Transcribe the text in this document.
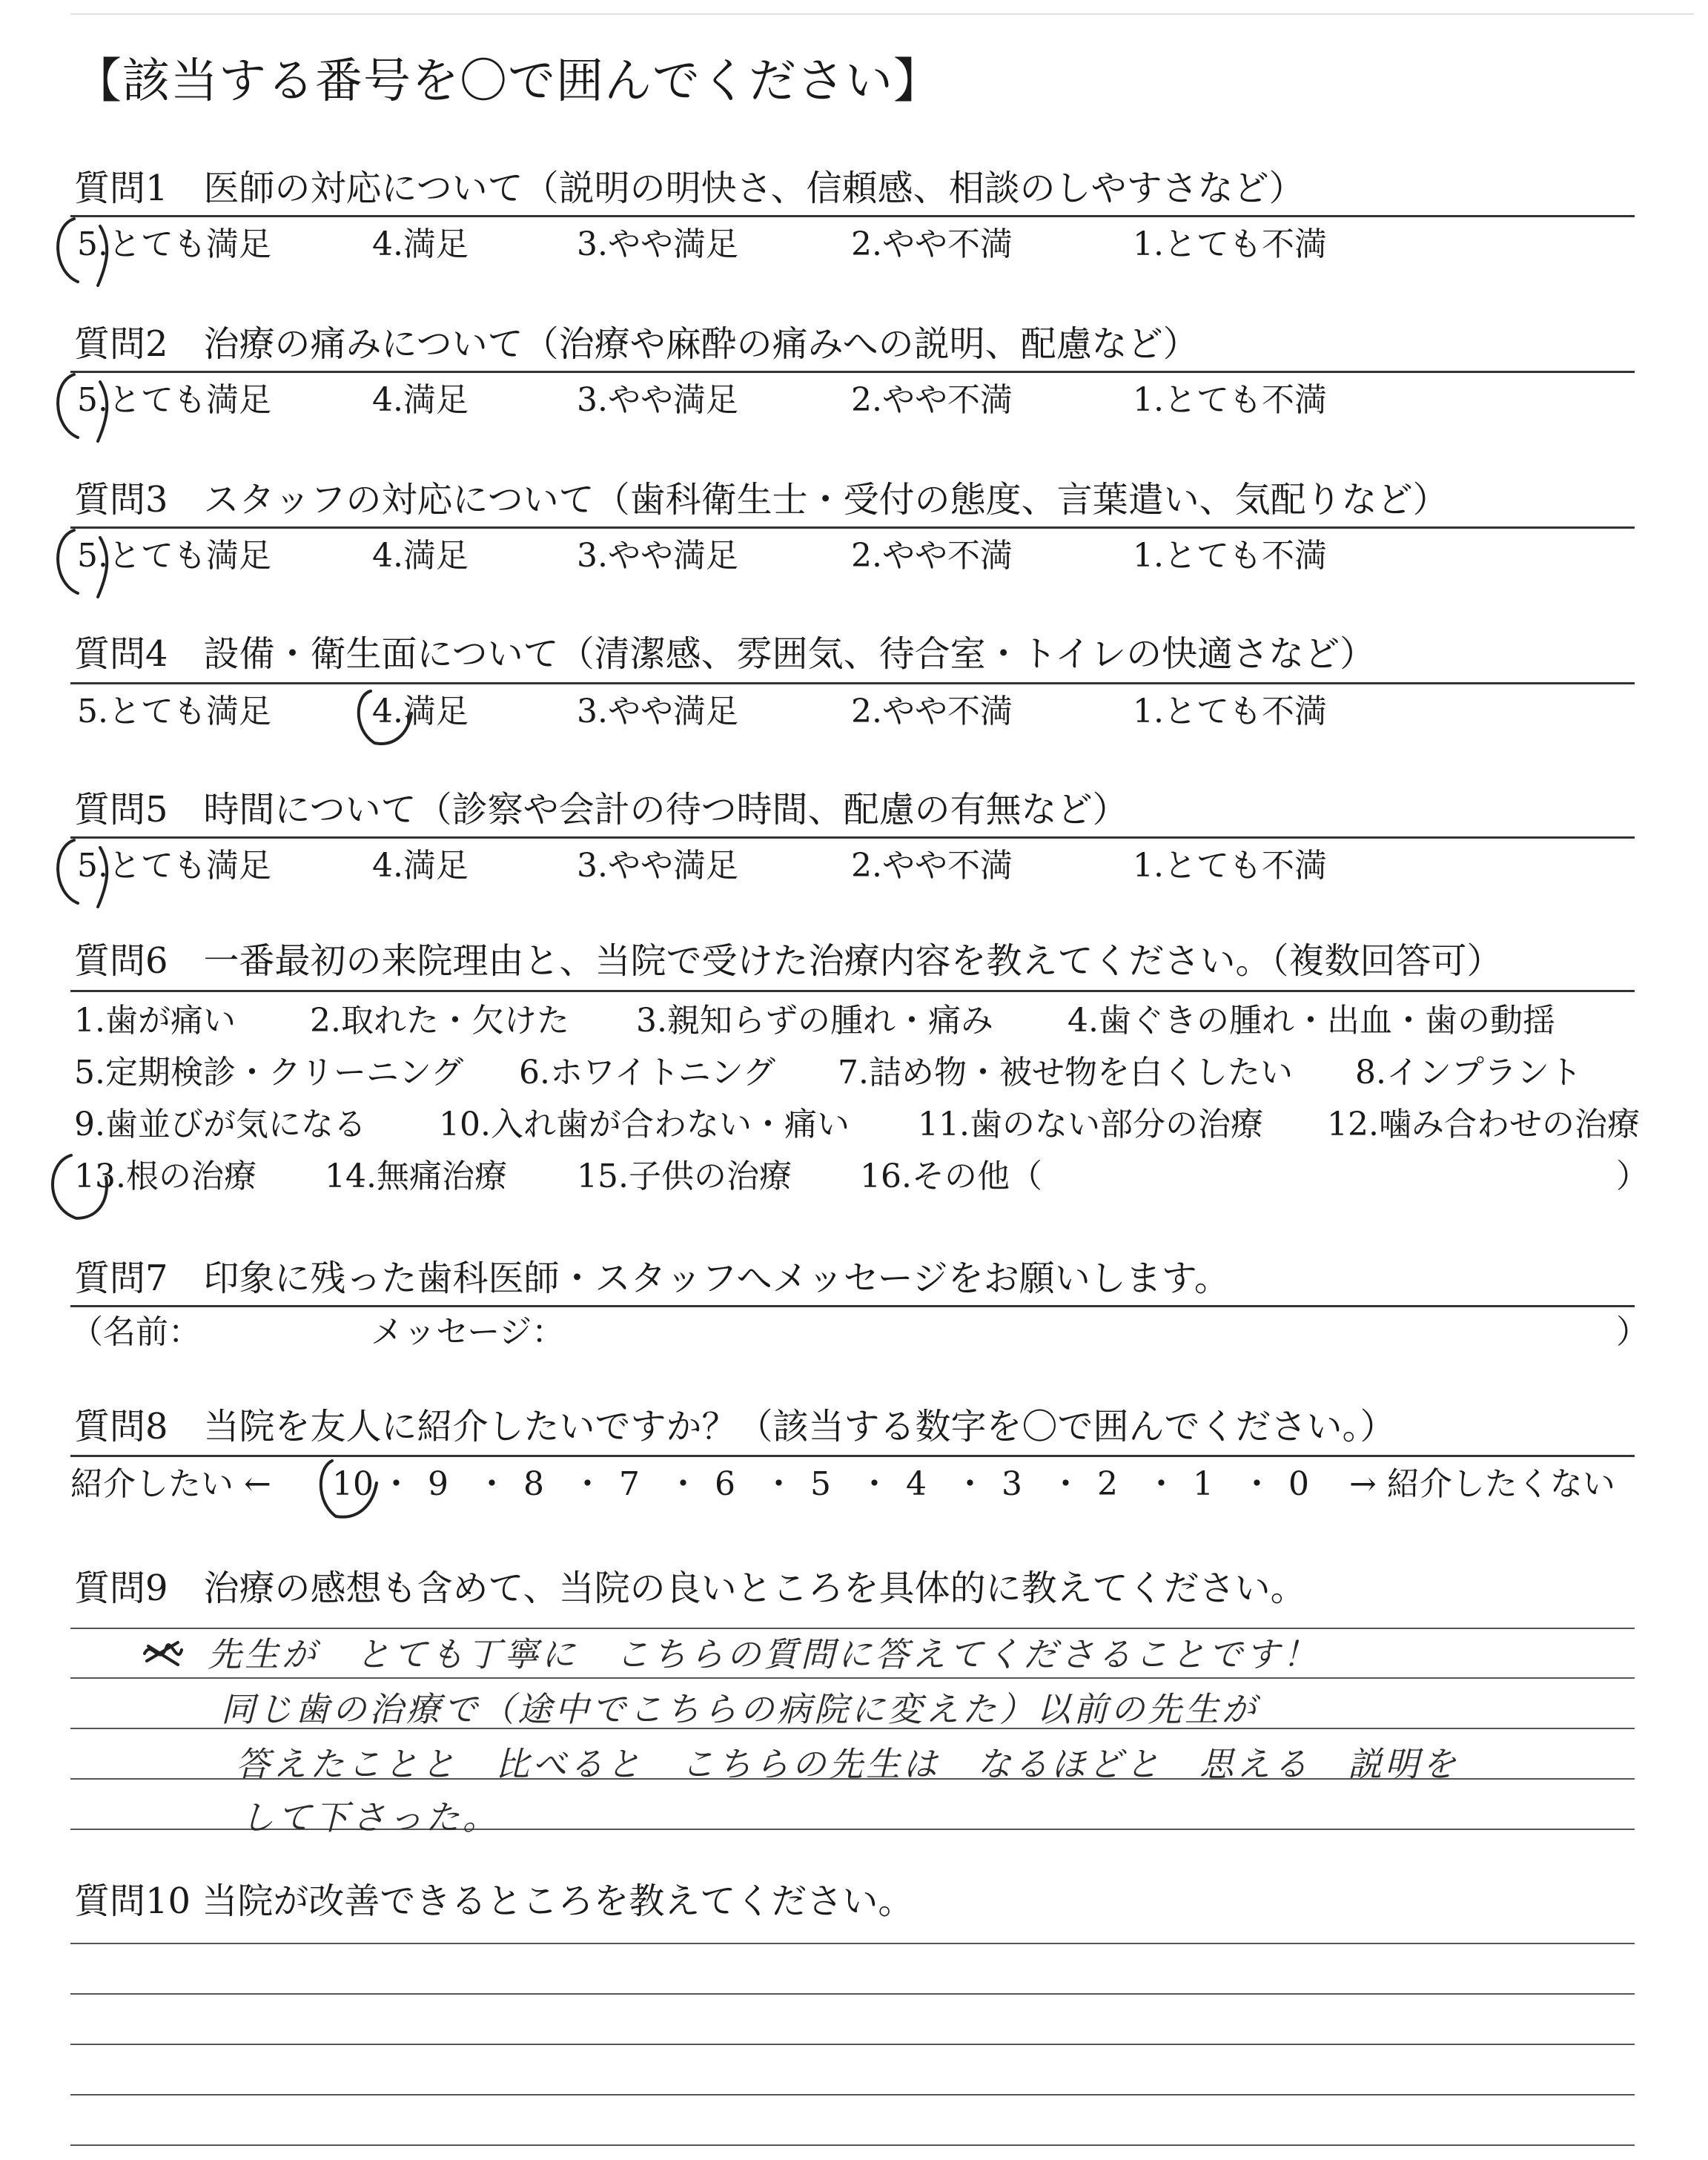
【該当する番号を〇で囲んでください】
質問1　医師の対応について（説明の明快さ、信頼感、相談のしやすさなど）
5.とても満足	4.満足	3.やや満足	2.やや不満	1.とても不満
質問2　治療の痛みについて（治療や麻酔の痛みへの説明、配慮など）
5.とても満足	4.満足	3.やや満足	2.やや不満	1.とても不満
質問3　スタッフの対応について（歯科衛生士・受付の態度、言葉遣い、気配りなど）
5.とても満足	4.満足	3.やや満足	2.やや不満	1.とても不満
質問4　設備・衛生面について（清潔感、雰囲気、待合室・トイレの快適さなど）
5.とても満足	4.満足	3.やや満足	2.やや不満	1.とても不満
質問5　時間について（診察や会計の待つ時間、配慮の有無など）
5.とても満足	4.満足	3.やや満足	2.やや不満	1.とても不満
質問6　一番最初の来院理由と、当院で受けた治療内容を教えてください。（複数回答可）
1.歯が痛い 2.取れた・欠けた 3.親知らずの腫れ・痛み 4.歯ぐきの腫れ・出血・歯の動揺
5.定期検診・クリーニング 6.ホワイトニング 7.詰め物・被せ物を白くしたい 8.インプラント
9.歯並びが気になる 10.入れ歯が合わない・痛い 11.歯のない部分の治療 12.噛み合わせの治療
13.根の治療 14.無痛治療 15.子供の治療 16.その他（	）
質問7　印象に残った歯科医師・スタッフへメッセージをお願いします。
（名前：	メッセージ：	）
質問8　当院を友人に紹介したいですか？（該当する数字を〇で囲んでください。）
紹介したい ← 10 ・ 9 ・ 8 ・ 7 ・ 6 ・ 5 ・ 4 ・ 3 ・ 2 ・ 1 ・ 0 → 紹介したくない
質問9　治療の感想も含めて、当院の良いところを具体的に教えてください。
先生が　とても丁寧に　こちらの質問に答えてくださることです！
同じ歯の治療で（途中でこちらの病院に変えた）以前の先生が
答えたことと　比べると　こちらの先生は　なるほどと　思える　説明を
して下さった。
質問10 当院が改善できるところを教えてください。
